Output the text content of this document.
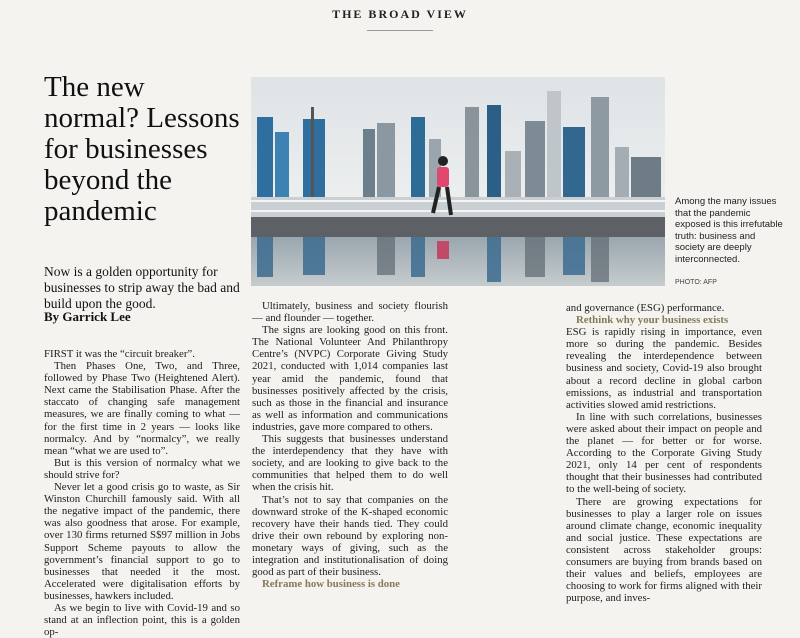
THE BROAD VIEW
The new normal? Lessons for businesses beyond the pandemic
Now is a golden opportunity for businesses to strip away the bad and build upon the good.
By Garrick Lee
Among the many issues that the pandemic exposed is this irrefutable truth: business and society are deeply interconnected.
PHOTO: AFP

FIRST it was the “circuit breaker”.

Then Phases One, Two, and Three, followed by Phase Two (Heightened Alert). Next came the Stabilisation Phase. After the staccato of changing safe management measures, we are finally coming to what — for the first time in 2 years — looks like normalcy. And by “normalcy”, we really mean “what we are used to”.

But is this version of normalcy what we should strive for?

Never let a good crisis go to waste, as Sir Winston Churchill famously said. With all the negative impact of the pandemic, there was also goodness that arose. For example, over 130 firms returned S$97 million in Jobs Support Scheme payouts to allow the government’s financial support to go to businesses that needed it the most. Accelerated were digitalisation efforts by businesses, hawkers included.

As we begin to live with Covid-19 and so stand at an inflection point, this is a golden op-

Ultimately, business and society flourish — and flounder — together.

The signs are looking good on this front. The National Volunteer And Philanthropy Centre’s (NVPC) Corporate Giving Study 2021, conducted with 1,014 companies last year amid the pandemic, found that businesses positively affected by the crisis, such as those in the financial and insurance as well as information and communications industries, gave more compared to others.

This suggests that businesses understand the interdependency that they have with society, and are looking to give back to the communities that helped them to do well when the crisis hit.

That’s not to say that companies on the downward stroke of the K-shaped economic recovery have their hands tied. They could drive their own rebound by exploring non-monetary ways of giving, such as the integration and institutionalisation of doing good as part of their business.

Reframe how business is done

and governance (ESG) performance.

Rethink why your business exists

ESG is rapidly rising in importance, even more so during the pandemic. Besides revealing the interdependence between business and society, Covid-19 also brought about a record decline in global carbon emissions, as industrial and transportation activities slowed amid restrictions.

In line with such correlations, businesses were asked about their impact on people and the planet — for better or for worse. According to the Corporate Giving Study 2021, only 14 per cent of respondents thought that their businesses had contributed to the well-being of society.

There are growing expectations for businesses to play a larger role on issues around climate change, economic inequality and social justice. These expectations are consistent across stakeholder groups: consumers are buying from brands based on their values and beliefs, employees are choosing to work for firms aligned with their purpose, and inves-
